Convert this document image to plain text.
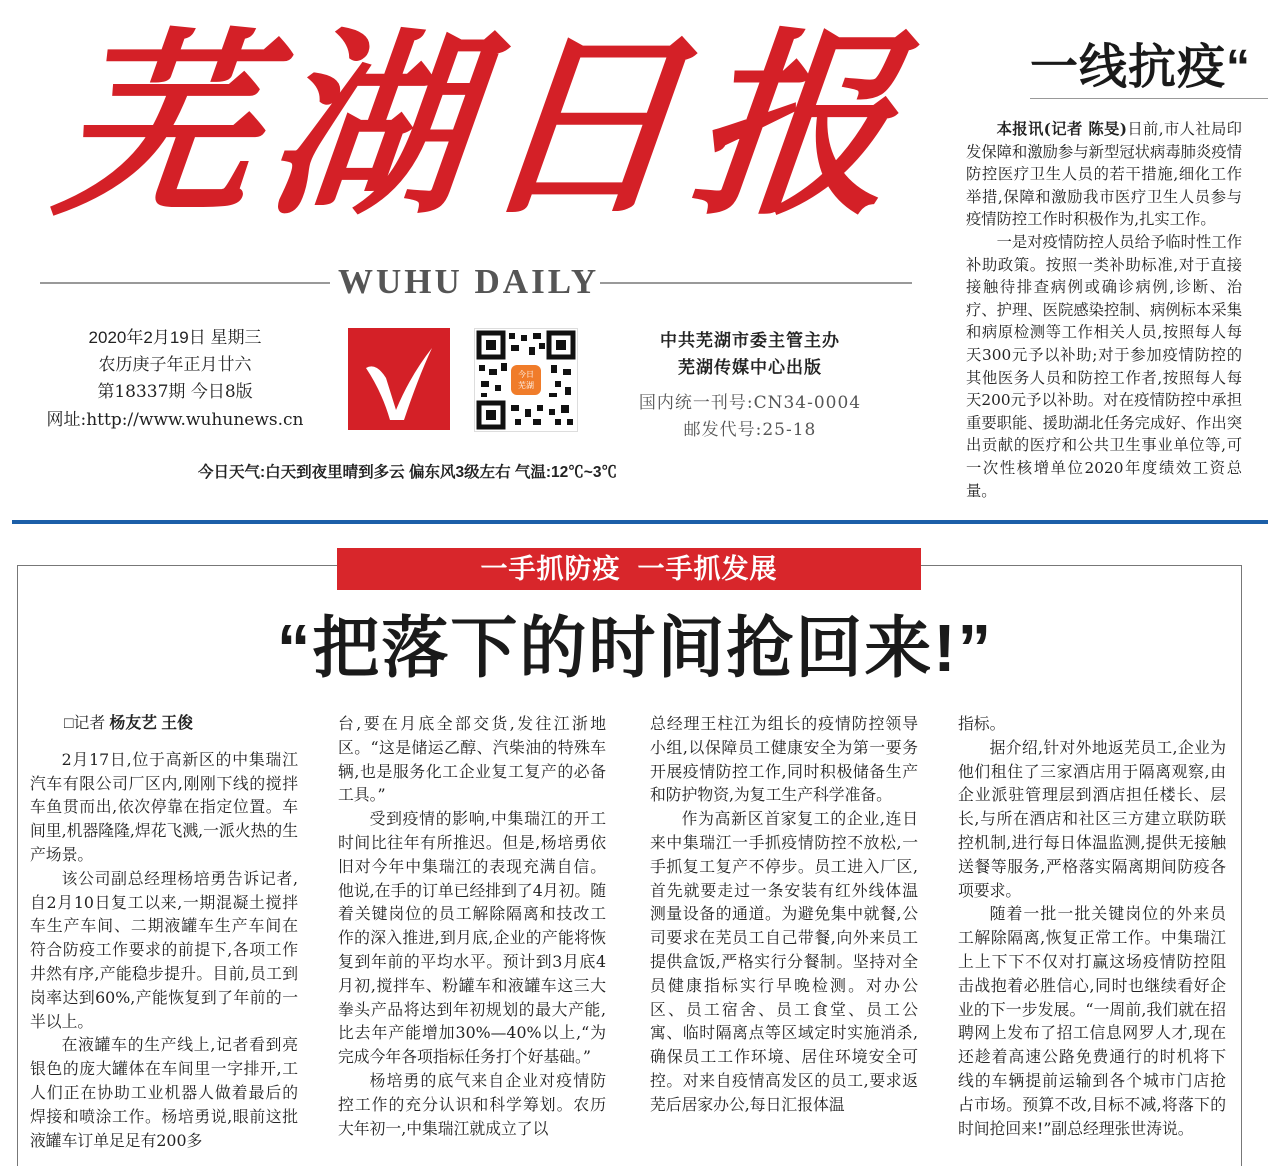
芜湖日报
WUHU DAILY
2020年2月19日 星期三
农历庚子年正月廿六
第18337期 今日8版
网址:http://www.wuhunews.cn
今日
芜湖
中共芜湖市委主管主办
芜湖传媒中心出版
国内统一刊号:CN34-0004
邮发代号:25-18
今日天气:白天到夜里晴到多云 偏东风3级左右 气温:12℃~3℃
一线抗疫“

本报讯(记者 陈旻)日前,市人社局印发保障和激励参与新型冠状病毒肺炎疫情防控医疗卫生人员的若干措施,细化工作举措,保障和激励我市医疗卫生人员参与疫情防控工作时积极作为,扎实工作。

一是对疫情防控人员给予临时性工作补助政策。按照一类补助标准,对于直接接触待排查病例或确诊病例,诊断、治疗、护理、医院感染控制、病例标本采集和病原检测等工作相关人员,按照每人每天300元予以补助;对于参加疫情防控的其他医务人员和防控工作者,按照每人每天200元予以补助。对在疫情防控中承担重要职能、援助湖北任务完成好、作出突出贡献的医疗和公共卫生事业单位等,可一次性核增单位2020年度绩效工资总量。

一手抓防疫  一手抓发展
“把落下的时间抢回来!”

□记者 杨友艺 王俊

2月17日,位于高新区的中集瑞江汽车有限公司厂区内,刚刚下线的搅拌车鱼贯而出,依次停靠在指定位置。车间里,机器隆隆,焊花飞溅,一派火热的生产场景。

该公司副总经理杨培勇告诉记者,自2月10日复工以来,一期混凝土搅拌车生产车间、二期液罐车生产车间在符合防疫工作要求的前提下,各项工作井然有序,产能稳步提升。目前,员工到岗率达到60%,产能恢复到了年前的一半以上。

在液罐车的生产线上,记者看到亮银色的庞大罐体在车间里一字排开,工人们正在协助工业机器人做着最后的焊接和喷涂工作。杨培勇说,眼前这批液罐车订单足足有200多

台,要在月底全部交货,发往江浙地区。“这是储运乙醇、汽柴油的特殊车辆,也是服务化工企业复工复产的必备工具。”

受到疫情的影响,中集瑞江的开工时间比往年有所推迟。但是,杨培勇依旧对今年中集瑞江的表现充满自信。他说,在手的订单已经排到了4月初。随着关键岗位的员工解除隔离和技改工作的深入推进,到月底,企业的产能将恢复到年前的平均水平。预计到3月底4月初,搅拌车、粉罐车和液罐车这三大拳头产品将达到年初规划的最大产能,比去年产能增加30%—40%以上,“为完成今年各项指标任务打个好基础。”

杨培勇的底气来自企业对疫情防控工作的充分认识和科学筹划。农历大年初一,中集瑞江就成立了以

总经理王柱江为组长的疫情防控领导小组,以保障员工健康安全为第一要务开展疫情防控工作,同时积极储备生产和防护物资,为复工生产科学准备。

作为高新区首家复工的企业,连日来中集瑞江一手抓疫情防控不放松,一手抓复工复产不停步。员工进入厂区,首先就要走过一条安装有红外线体温测量设备的通道。为避免集中就餐,公司要求在芜员工自己带餐,向外来员工提供盒饭,严格实行分餐制。坚持对全员健康指标实行早晚检测。对办公区、员工宿舍、员工食堂、员工公寓、临时隔离点等区域定时实施消杀,确保员工工作环境、居住环境安全可控。对来自疫情高发区的员工,要求返芜后居家办公,每日汇报体温

指标。

据介绍,针对外地返芜员工,企业为他们租住了三家酒店用于隔离观察,由企业派驻管理层到酒店担任楼长、层长,与所在酒店和社区三方建立联防联控机制,进行每日体温监测,提供无接触送餐等服务,严格落实隔离期间防疫各项要求。

随着一批一批关键岗位的外来员工解除隔离,恢复正常工作。中集瑞江上上下下不仅对打赢这场疫情防控阻击战抱着必胜信心,同时也继续看好企业的下一步发展。“一周前,我们就在招聘网上发布了招工信息网罗人才,现在还趁着高速公路免费通行的时机将下线的车辆提前运输到各个城市门店抢占市场。预算不改,目标不减,将落下的时间抢回来!”副总经理张世涛说。
